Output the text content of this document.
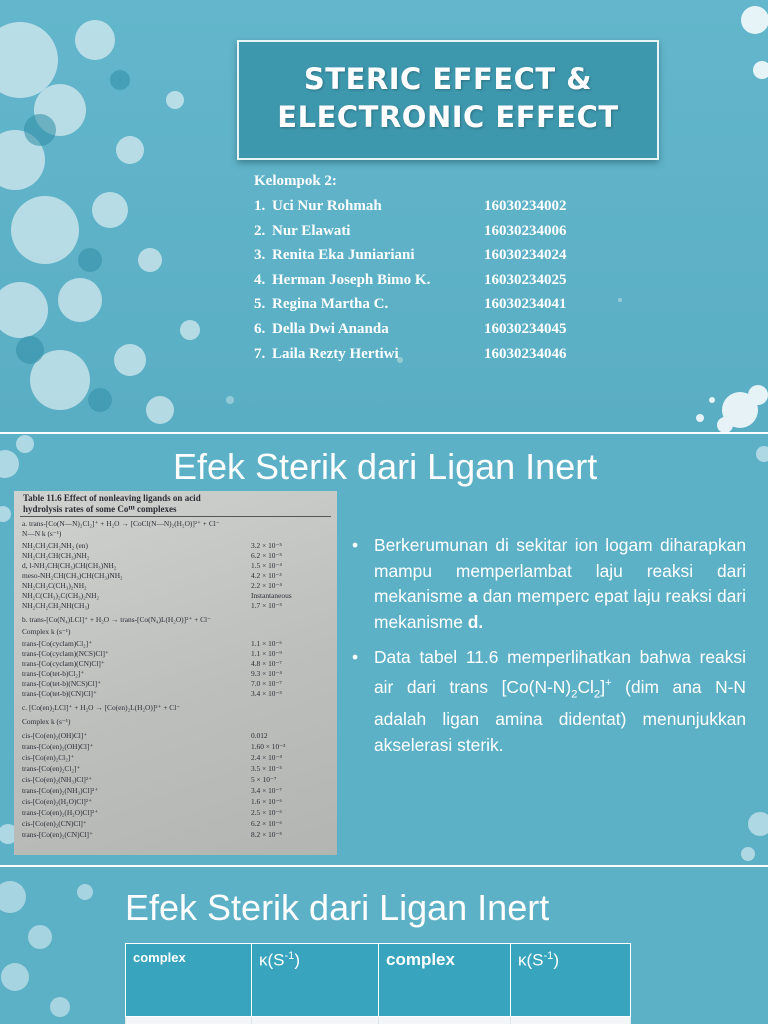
STERIC EFFECT &
ELECTRONIC EFFECT
Kelompok 2:
1. Uci Nur Rohmah	16030234002
2. Nur Elawati	16030234006
3. Renita Eka Juniariani	16030234024
4. Herman Joseph Bimo K.	16030234025
5. Regina Martha C.	16030234041
6. Della Dwi Ananda	16030234045
7. Laila Rezty Hertiwi	16030234046
Efek Sterik dari Ligan Inert
Table 11.6 Effect of nonleaving ligands on acid
hydrolysis rates of some Coᴵᴵᴵ complexes
a. trans-[Co(N—N)₂Cl₂]⁺ + H₂O → [CoCl(N—N)₂(H₂O)]²⁺ + Cl⁻
N—N k (s⁻¹)
NH₂CH₂CH₂NH₂ (en)	3.2 × 10⁻⁵
NH₂CH₂CH(CH₃)NH₂	6.2 × 10⁻⁵
d, l-NH₂CH(CH₃)CH(CH₃)NH₂	1.5 × 10⁻⁴
meso-NH₂CH(CH₃)CH(CH₃)NH₂	4.2 × 10⁻³
NH₂CH₂C(CH₃)₂NH₂	2.2 × 10⁻⁴
NH₂C(CH₃)₂C(CH₃)₂NH₂	Instantaneous
NH₂CH₂CH₂NH(CH₃)	1.7 × 10⁻⁵
b. trans-[Co(N₄)LCl]⁺ + H₂O → trans-[Co(N₄)L(H₂O)]²⁺ + Cl⁻
Complex k (s⁻¹)
trans-[Co(cyclam)Cl₂]⁺	1.1 × 10⁻⁶
trans-[Co(cyclam)(NCS)Cl]⁺	1.1 × 10⁻⁹
trans-[Co(cyclam)(CN)Cl]⁺	4.8 × 10⁻⁷
trans-[Co(tet-b)Cl₂]⁺	9.3 × 10⁻⁴
trans-[Co(tet-b)(NCS)Cl]⁺	7.0 × 10⁻⁷
trans-[Co(tet-b)(CN)Cl]⁺	3.4 × 10⁻⁵
c. [Co(en)₂LCl]⁺ + H₂O → [Co(en)₂L(H₂O)]²⁺ + Cl⁻
Complex k (s⁻¹)
cis-[Co(en)₂(OH)Cl]⁺	0.012
trans-[Co(en)₂(OH)Cl]⁺	1.60 × 10⁻³
cis-[Co(en)₂Cl₂]⁺	2.4 × 10⁻⁴
trans-[Co(en)₂Cl₂]⁺	3.5 × 10⁻⁵
cis-[Co(en)₂(NH₃)Cl]²⁺	5 × 10⁻⁷
trans-[Co(en)₂(NH₃)Cl]²⁺	3.4 × 10⁻⁷
cis-[Co(en)₂(H₂O)Cl]²⁺	1.6 × 10⁻⁶
trans-[Co(en)₂(H₂O)Cl]²⁺	2.5 × 10⁻⁶
cis-[Co(en)₂(CN)Cl]⁺	6.2 × 10⁻⁶
trans-[Co(en)₂(CN)Cl]⁺	8.2 × 10⁻⁵
• Berkerumunan di sekitar ion logam diharapkan mampu memperlambat laju reaksi dari mekanisme a dan memperc epat laju reaksi dari mekanisme d.
• Data tabel 11.6 memperlihatkan bahwa reaksi air dari trans $[Co(N-N)_2Cl_2]^+$ (dim ana N-N adalah ligan amina didentat) menunjukkan akselerasi sterik.
Efek Sterik dari Ligan Inert
complex	$\kappa(S^{-1})$	complex	$\kappa(S^{-1})$
